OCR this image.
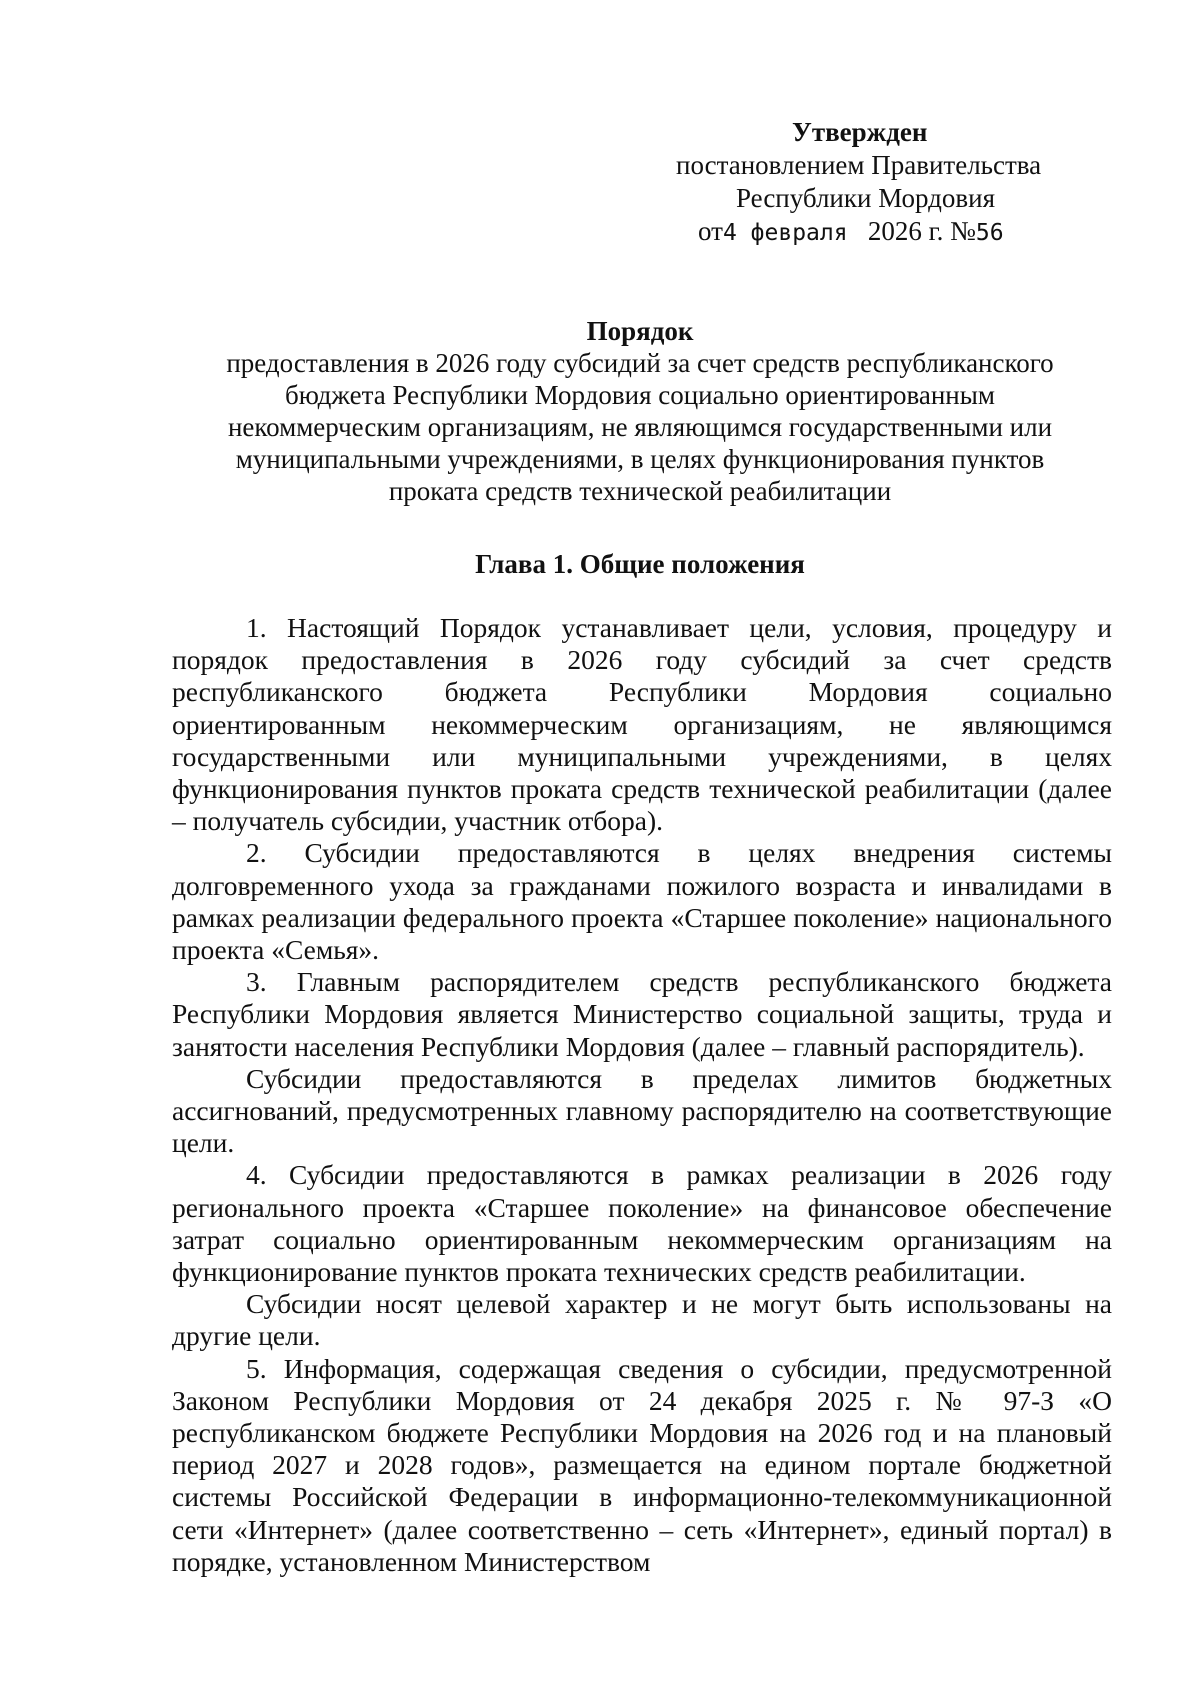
Утвержден
постановлением Правительства
Республики Мордовия
от4 февраля 2026 г. №56
Порядок
предоставления в 2026 году субсидий за счет средств республиканского
бюджета Республики Мордовия социально ориентированным
некоммерческим организациям, не являющимся государственными или
муниципальными учреждениями, в целях функционирования пунктов
проката средств технической реабилитации
Глава 1. Общие положения

1. Настоящий Порядок устанавливает цели, условия, процедуру и порядок предоставления в 2026 году субсидий за счет средств республиканского бюджета Республики Мордовия социально ориентированным некоммерческим организациям, не являющимся государственными или муниципальными учреждениями, в целях функционирования пунктов проката средств технической реабилитации (далее – получатель субсидии, участник отбора).

2. Субсидии предоставляются в целях внедрения системы долговременного ухода за гражданами пожилого возраста и инвалидами в рамках реализации федерального проекта «Старшее поколение» национального проекта «Семья».

3. Главным распорядителем средств республиканского бюджета Республики Мордовия является Министерство социальной защиты, труда и занятости населения Республики Мордовия (далее – главный распорядитель).

Субсидии предоставляются в пределах лимитов бюджетных ассигнований, предусмотренных главному распорядителю на соответствующие цели.

4. Субсидии предоставляются в рамках реализации в 2026 году регионального проекта «Старшее поколение» на финансовое обеспечение затрат социально ориентированным некоммерческим организациям на функционирование пунктов проката технических средств реабилитации.

Субсидии носят целевой характер и не могут быть использованы на другие цели.

5. Информация, содержащая сведения о субсидии, предусмотренной Законом Республики Мордовия от 24 декабря 2025 г. № 97-З «О республиканском бюджете Республики Мордовия на 2026 год и на плановый период 2027 и 2028 годов», размещается на едином портале бюджетной системы Российской Федерации в информационно-телекоммуникационной сети «Интернет» (далее соответственно – сеть «Интернет», единый портал) в порядке, установленном Министерством
